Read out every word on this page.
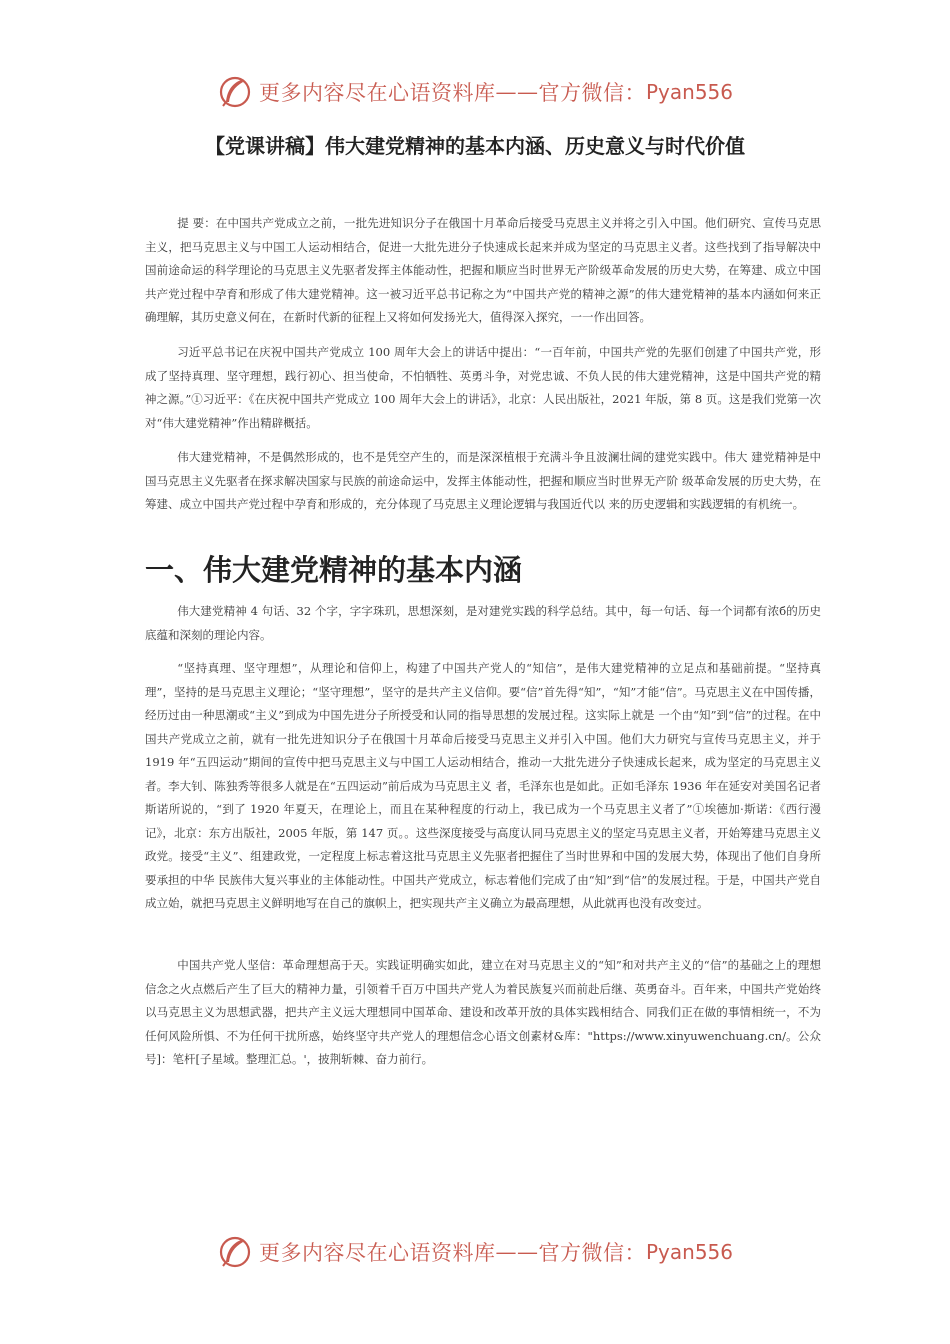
更多内容尽在心语资料库 —— 官方微信： Pyan556
【党课讲稿】伟大建党精神的基本内涵、历史意义与时代价值

提 要：在中国共产党成立之前，一批先进知识分子在俄国十月革命后接受马克思主义并将之引入中国。他们研究、宣传马克思主义，把马克思主义与中国工人运动相结合，促进一大批先进分子快速成长起来并成为坚定的马克思主义者。这些找到了指导解决中国前途命运的科学理论的马克思主义先驱者发挥主体能动性，把握和顺应当时世界无产阶级革命发展的历史大势，在筹建、成立中国共产党过程中孕育和形成了伟大建党精神。这一被习近平总书记称之为“中国共产党的精神之源”的伟大建党精神的基本内涵如何来正确理解，其历史意义何在，在新时代新的征程上又将如何发扬光大，值得深入探究，一一作出回答。

习近平总书记在庆祝中国共产党成立 100 周年大会上的讲话中提出：“一百年前，中国共产党的先驱们创建了中国共产党，形成了坚持真理、坚守理想，践行初心、担当使命，不怕牺牲、英勇斗争，对党忠诚、不负人民的伟大建党精神，这是中国共产党的精神之源。”①习近平：《在庆祝中国共产党成立 100 周年大会上的讲话》，北京：人民出版社，2021 年版，第 8 页。这是我们党第一次对“伟大建党精神”作出精辟概括。

伟大建党精神，不是偶然形成的，也不是凭空产生的，而是深深植根于充满斗争且波澜壮阔的建党实践中。伟大 建党精神是中国马克思主义先驱者在探求解决国家与民族的前途命运中，发挥主体能动性，把握和顺应当时世界无产阶 级革命发展的历史大势，在筹建、成立中国共产党过程中孕育和形成的，充分体现了马克思主义理论逻辑与我国近代以 来的历史逻辑和实践逻辑的有机统一。

一、伟大建党精神的基本内涵

伟大建党精神 4 句话、32 个字，字字珠玑，思想深刻，是对建党实践的科学总结。其中，每一句话、每一个词都有浓б的历史底蕴和深刻的理论内容。

“坚持真理、坚守理想”，从理论和信仰上，构建了中国共产党人的“知信”，是伟大建党精神的立足点和基础前提。“坚持真理”，坚持的是马克思主义理论；“坚守理想”，坚守的是共产主义信仰。要“信”首先得“知”，“知”才能“信”。马克思主义在中国传播，经历过由一种思潮或“主义”到成为中国先进分子所授受和认同的指导思想的发展过程。这实际上就是 一个由“知”到“信”的过程。在中国共产党成立之前，就有一批先进知识分子在俄国十月革命后接受马克思主义并引入中国。他们大力研究与宣传马克思主义，并于 1919 年“五四运动”期间的宣传中把马克思主义与中国工人运动相结合，推动一大批先进分子快速成长起来，成为坚定的马克思主义者。李大钊、陈独秀等很多人就是在“五四运动”前后成为马克思主义 者，毛泽东也是如此。正如毛泽东 1936 年在延安对美国名记者斯诺所说的，“到了 1920 年夏天，在理论上，而且在某种程度的行动上，我已成为一个马克思主义者了”①埃德加·斯诺：《西行漫记》，北京：东方出版社，2005 年版，第 147 页。。这些深度接受与高度认同马克思主义的坚定马克思主义者，开始筹建马克思主义政党。接受“主义”、组建政党，一定程度上标志着这批马克思主义先驱者把握住了当时世界和中国的发展大势，体现出了他们自身所要承担的中华 民族伟大复兴事业的主体能动性。中国共产党成立，标志着他们完成了由“知”到“信”的发展过程。于是，中国共产党自成立始，就把马克思主义鲜明地写在自己的旗帜上，把实现共产主义确立为最高理想，从此就再也没有改变过。

中国共产党人坚信：革命理想高于天。实践证明确实如此，建立在对马克思主义的“知”和对共产主义的“信”的基础之上的理想信念之火点燃后产生了巨大的精神力量，引领着千百万中国共产党人为着民族复兴而前赴后继、英勇奋斗。百年来，中国共产党始终以马克思主义为思想武器，把共产主义远大理想同中国革命、建设和改革开放的具体实践相结合、同我们正在做的事情相统一，不为任何风险所惧、不为任何干扰所惑，始终坚守共产党人的理想信念心语文创素材&库："https://www.xinyuwenchuang.cn/。公众号]：笔杆[子星域。整理汇总。'，披荆斩棘、奋力前行。

更多内容尽在心语资料库 —— 官方微信： Pyan556
